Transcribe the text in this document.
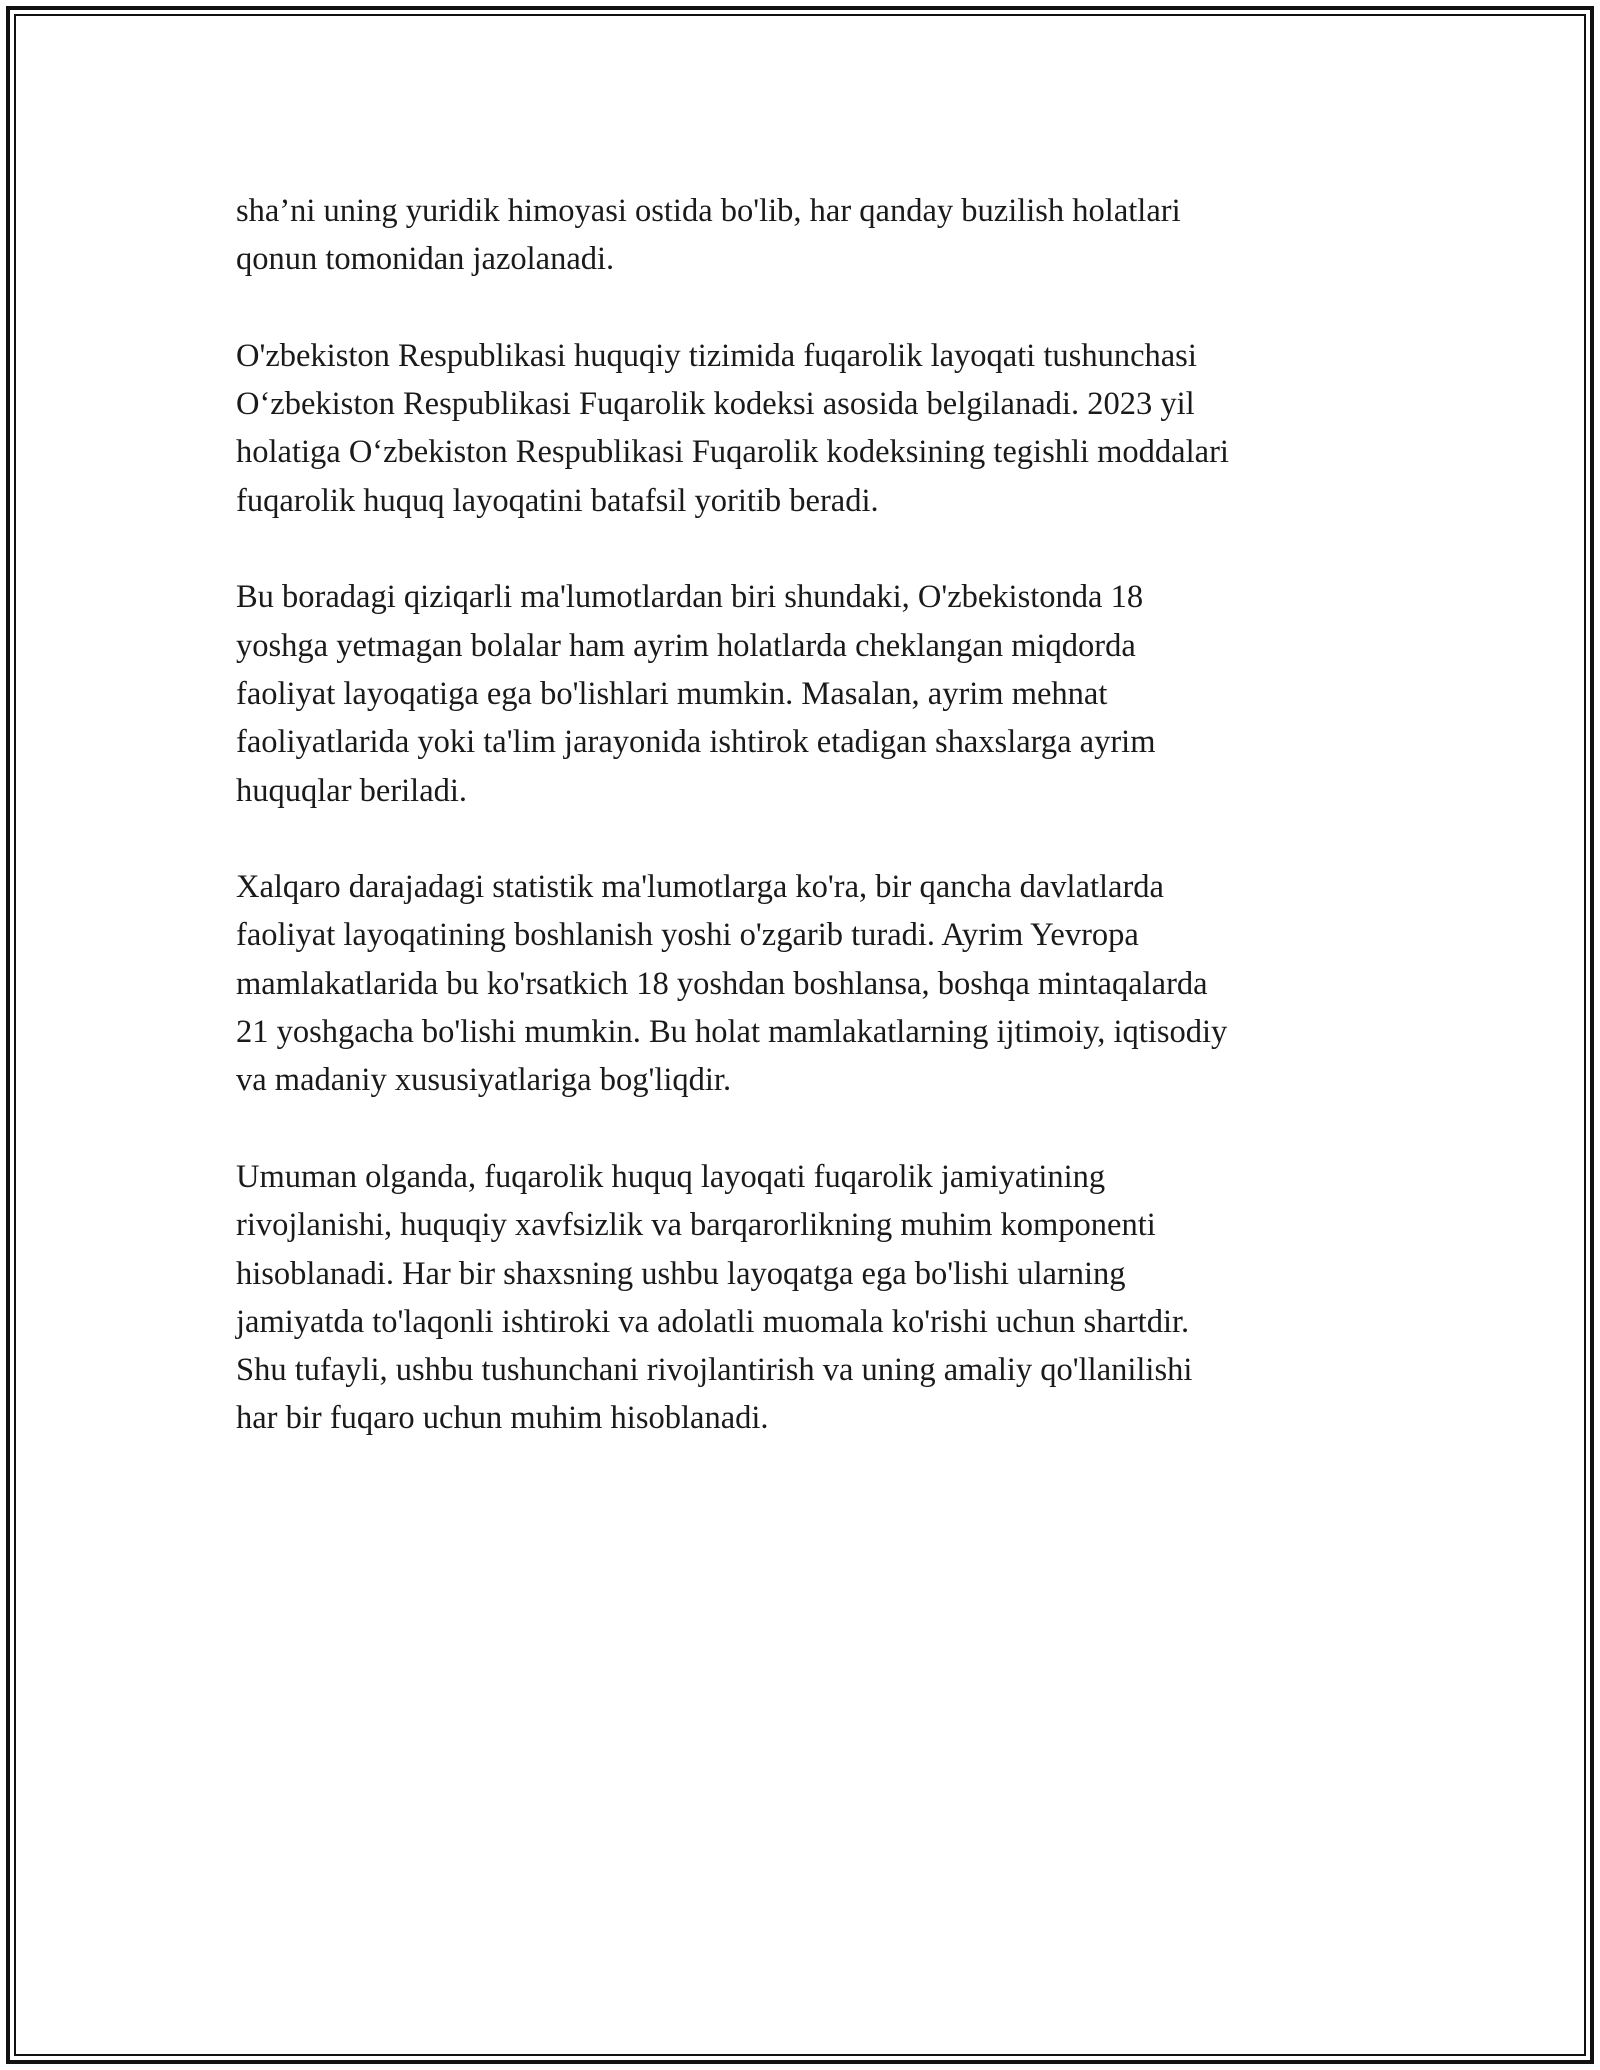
sha’ni uning yuridik himoyasi ostida bo'lib, har qanday buzilish holatlari
qonun tomonidan jazolanadi.

O'zbekiston Respublikasi huquqiy tizimida fuqarolik layoqati tushunchasi
O‘zbekiston Respublikasi Fuqarolik kodeksi asosida belgilanadi. 2023 yil
holatiga O‘zbekiston Respublikasi Fuqarolik kodeksining tegishli moddalari
fuqarolik huquq layoqatini batafsil yoritib beradi.

Bu boradagi qiziqarli ma'lumotlardan biri shundaki, O'zbekistonda 18
yoshga yetmagan bolalar ham ayrim holatlarda cheklangan miqdorda
faoliyat layoqatiga ega bo'lishlari mumkin. Masalan, ayrim mehnat
faoliyatlarida yoki ta'lim jarayonida ishtirok etadigan shaxslarga ayrim
huquqlar beriladi.

Xalqaro darajadagi statistik ma'lumotlarga ko'ra, bir qancha davlatlarda
faoliyat layoqatining boshlanish yoshi o'zgarib turadi. Ayrim Yevropa
mamlakatlarida bu ko'rsatkich 18 yoshdan boshlansa, boshqa mintaqalarda
21 yoshgacha bo'lishi mumkin. Bu holat mamlakatlarning ijtimoiy, iqtisodiy
va madaniy xususiyatlariga bog'liqdir.

Umuman olganda, fuqarolik huquq layoqati fuqarolik jamiyatining
rivojlanishi, huquqiy xavfsizlik va barqarorlikning muhim komponenti
hisoblanadi. Har bir shaxsning ushbu layoqatga ega bo'lishi ularning
jamiyatda to'laqonli ishtiroki va adolatli muomala ko'rishi uchun shartdir.
Shu tufayli, ushbu tushunchani rivojlantirish va uning amaliy qo'llanilishi
har bir fuqaro uchun muhim hisoblanadi.
